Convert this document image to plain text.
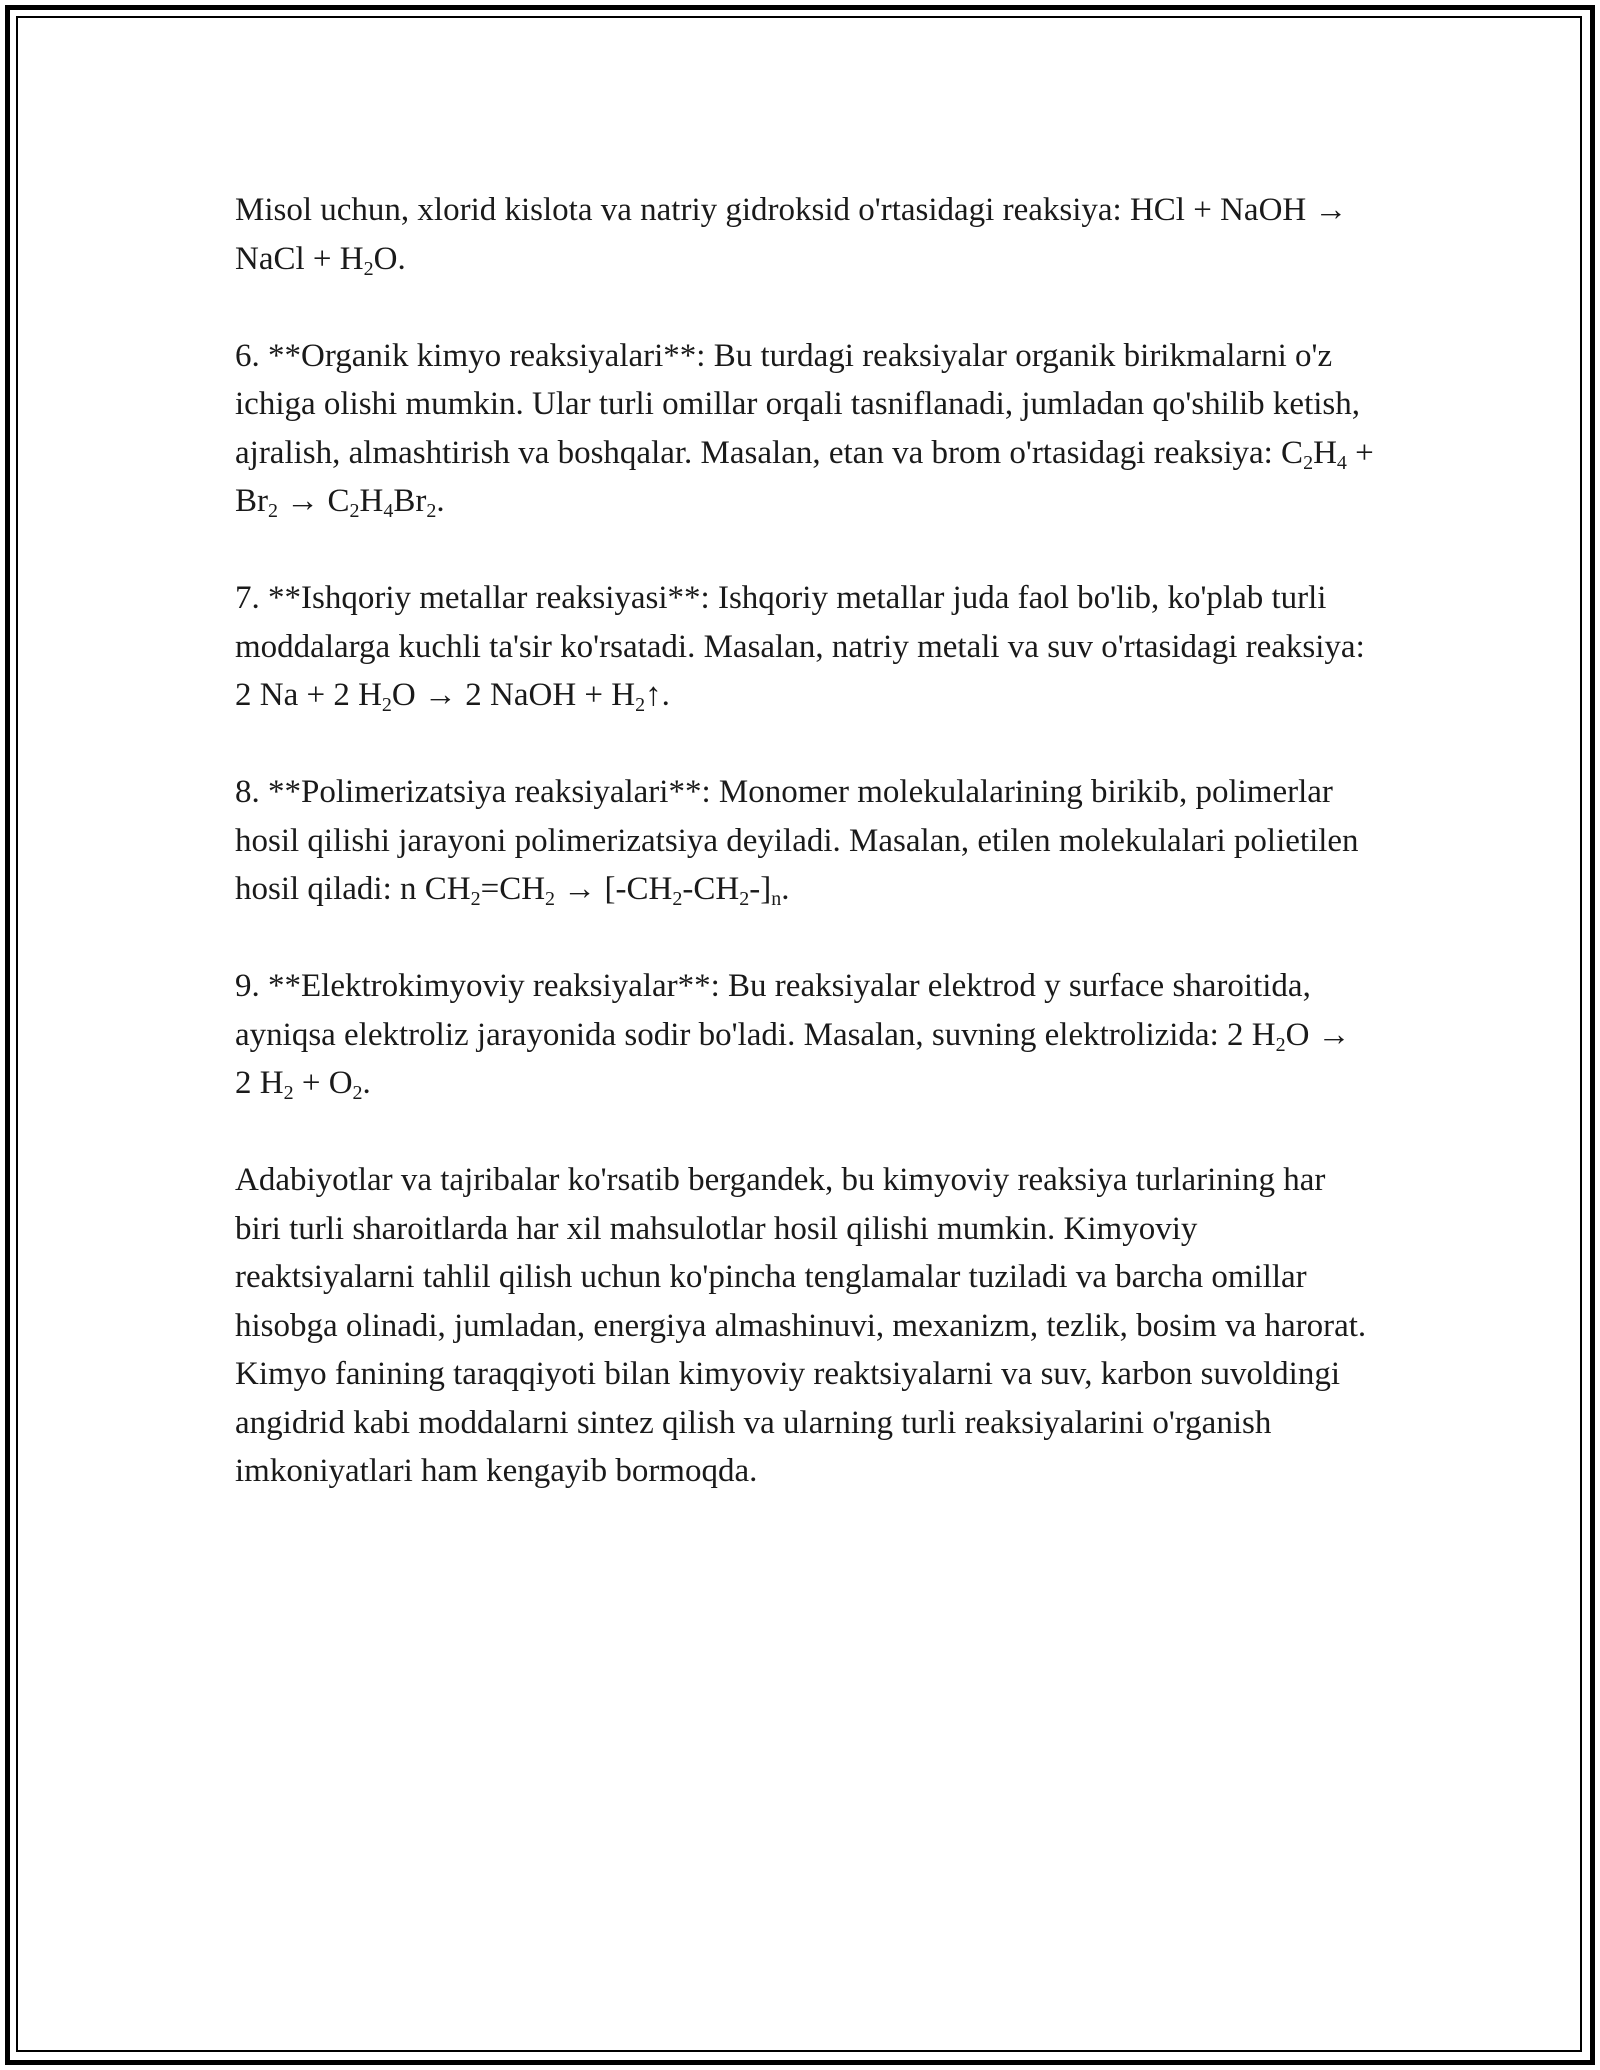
Misol uchun, xlorid kislota va natriy gidroksid o'rtasidagi reaksiya: HCl + NaOH → NaCl + $H_2O$.

6. **Organik kimyo reaksiyalari**: Bu turdagi reaksiyalar organik birikmalarni o'z ichiga olishi mumkin. Ular turli omillar orqali tasniflanadi, jumladan qo'shilib ketish, ajralish, almashtirish va boshqalar. Masalan, etan va brom o'rtasidagi reaksiya: $C_2H_4 + Br_2 \to C_2H_4Br_2$.

7. **Ishqoriy metallar reaksiyasi**: Ishqoriy metallar juda faol bo'lib, ko'plab turli moddalarga kuchli ta'sir ko'rsatadi. Masalan, natriy metali va suv o'rtasidagi reaksiya: 2 Na + 2 $H_2O \to 2$ NaOH + $H_2↑$.

8. **Polimerizatsiya reaksiyalari**: Monomer molekulalarining birikib, polimerlar hosil qilishi jarayoni polimerizatsiya deyiladi. Masalan, etilen molekulalari polietilen hosil qiladi: n $CH_2=CH_2 \to [-CH_2-CH_2-]_n$.

9. **Elektrokimyoviy reaksiyalar**: Bu reaksiyalar elektrod y surface sharoitida, ayniqsa elektroliz jarayonida sodir bo'ladi. Masalan, suvning elektrolizida: 2 $H_2O \to 2$ $H_2 + O_2$.

Adabiyotlar va tajribalar ko'rsatib bergandek, bu kimyoviy reaksiya turlarining har biri turli sharoitlarda har xil mahsulotlar hosil qilishi mumkin. Kimyoviy reaktsiyalarni tahlil qilish uchun ko'pincha tenglamalar tuziladi va barcha omillar hisobga olinadi, jumladan, energiya almashinuvi, mexanizm, tezlik, bosim va harorat. Kimyo fanining taraqqiyoti bilan kimyoviy reaktsiyalarni va suv, karbon suvoldingi angidrid kabi moddalarni sintez qilish va ularning turli reaksiyalarini o'rganish imkoniyatlari ham kengayib bormoqda.
